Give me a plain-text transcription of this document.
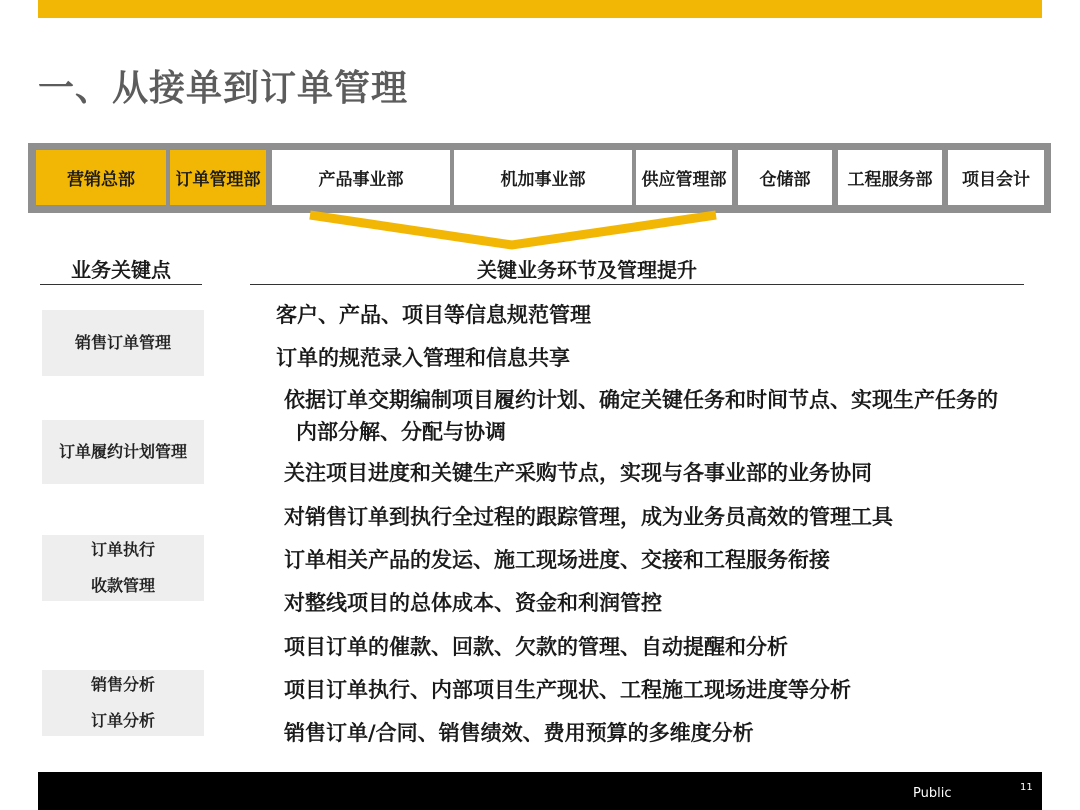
一、从接单到订单管理
营销总部	订单管理部	产品事业部	机加事业部	供应管理部	仓储部	工程服务部	项目会计
业务关键点	关键业务环节及管理提升
销售订单管理
订单履约计划管理
订单执行
收款管理
销售分析
订单分析
客户、产品、项目等信息规范管理
订单的规范录入管理和信息共享
依据订单交期编制项目履约计划、确定关键任务和时间节点、实现生产任务的内部分解、分配与协调
关注项目进度和关键生产采购节点，实现与各事业部的业务协同
对销售订单到执行全过程的跟踪管理，成为业务员高效的管理工具
订单相关产品的发运、施工现场进度、交接和工程服务衔接
对整线项目的总体成本、资金和利润管控
项目订单的催款、回款、欠款的管理、自动提醒和分析
项目订单执行、内部项目生产现状、工程施工现场进度等分析
销售订单/合同、销售绩效、费用预算的多维度分析
Public	11
